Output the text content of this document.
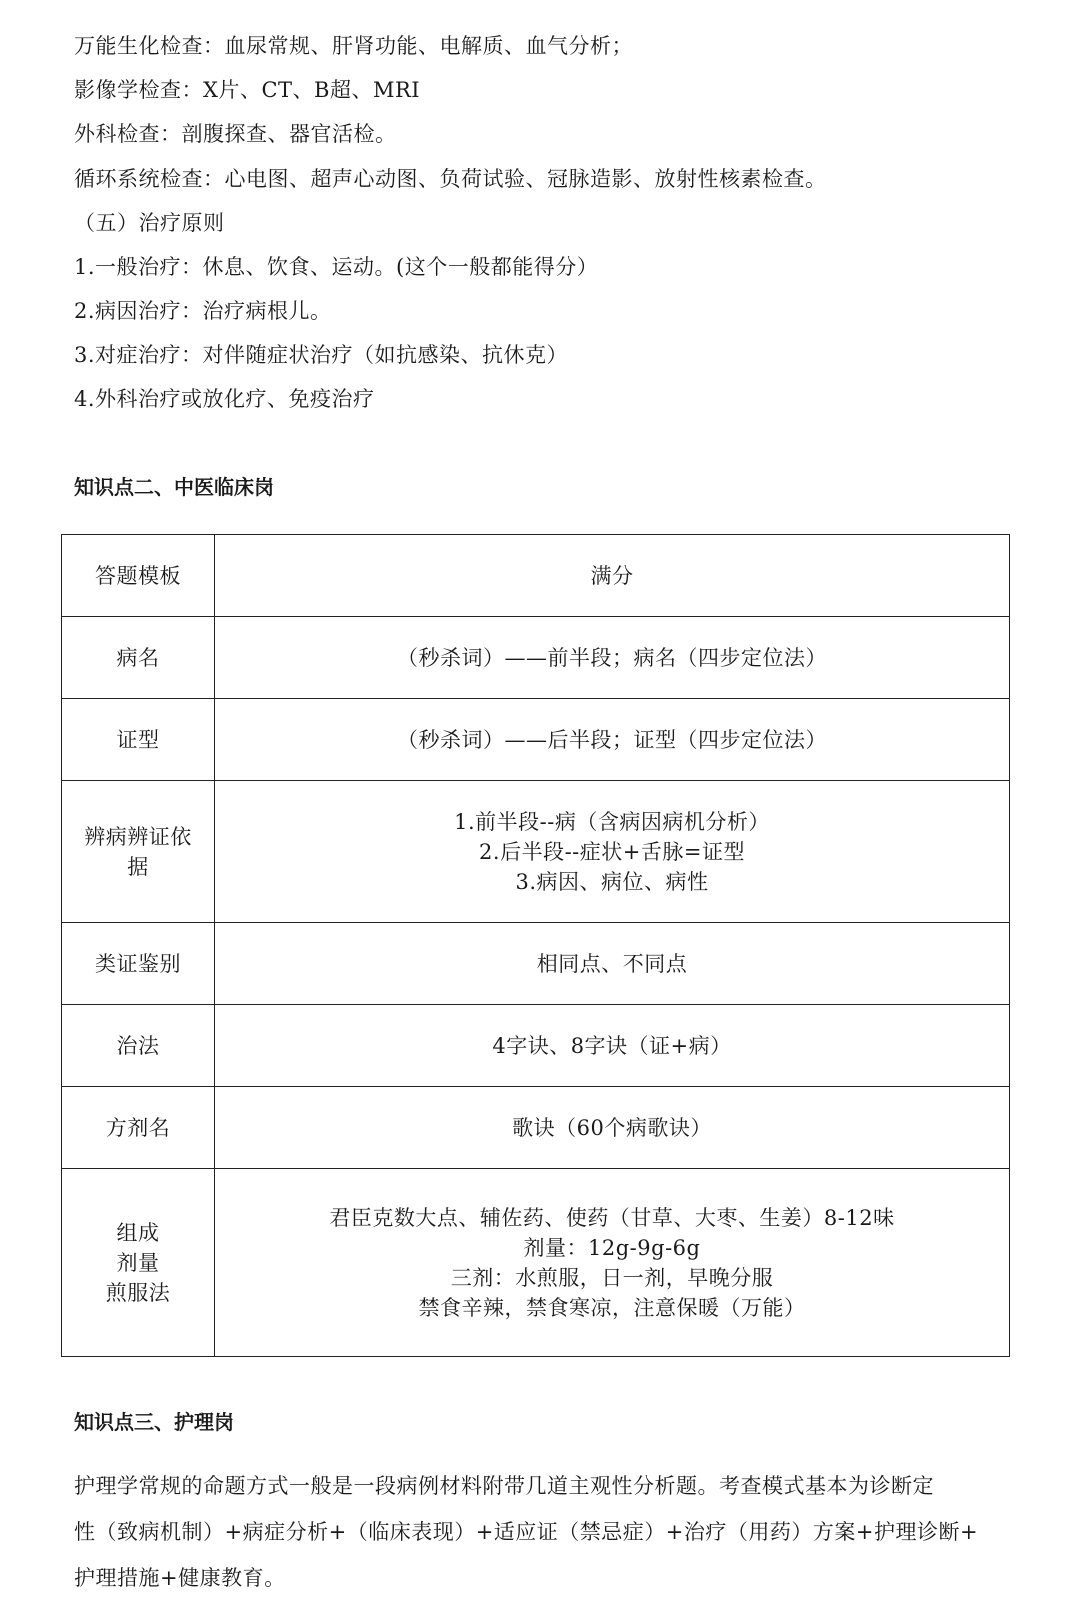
万能生化检查：血尿常规、肝肾功能、电解质、血气分析；
影像学检查：X片、CT、B超、MRI
外科检查：剖腹探查、器官活检。
循环系统检查：心电图、超声心动图、负荷试验、冠脉造影、放射性核素检查。
（五）治疗原则
1.一般治疗：休息、饮食、运动。(这个一般都能得分）
2.病因治疗：治疗病根儿。
3.对症治疗：对伴随症状治疗（如抗感染、抗休克）
4.外科治疗或放化疗、免疫治疗
知识点二、中医临床岗
答题模板	满分

病名	（秒杀词）——前半段；病名（四步定位法）

证型	（秒杀词）——后半段；证型（四步定位法）

辨病辨证依
据	1.前半段--病（含病因病机分析）
2.后半段--症状+舌脉=证型
3.病因、病位、病性

类证鉴别	相同点、不同点

治法	4字诀、8字诀（证+病）

方剂名	歌诀（60个病歌诀）

组成
剂量
煎服法	君臣克数大点、辅佐药、使药（甘草、大枣、生姜）8-12味
剂量：12g-9g-6g
三剂：水煎服，日一剂，早晚分服
禁食辛辣，禁食寒凉，注意保暖（万能）
知识点三、护理岗
护理学常规的命题方式一般是一段病例材料附带几道主观性分析题。考查模式基本为诊断定
性（致病机制）+病症分析+（临床表现）+适应证（禁忌症）+治疗（用药）方案+护理诊断+
护理措施+健康教育。
